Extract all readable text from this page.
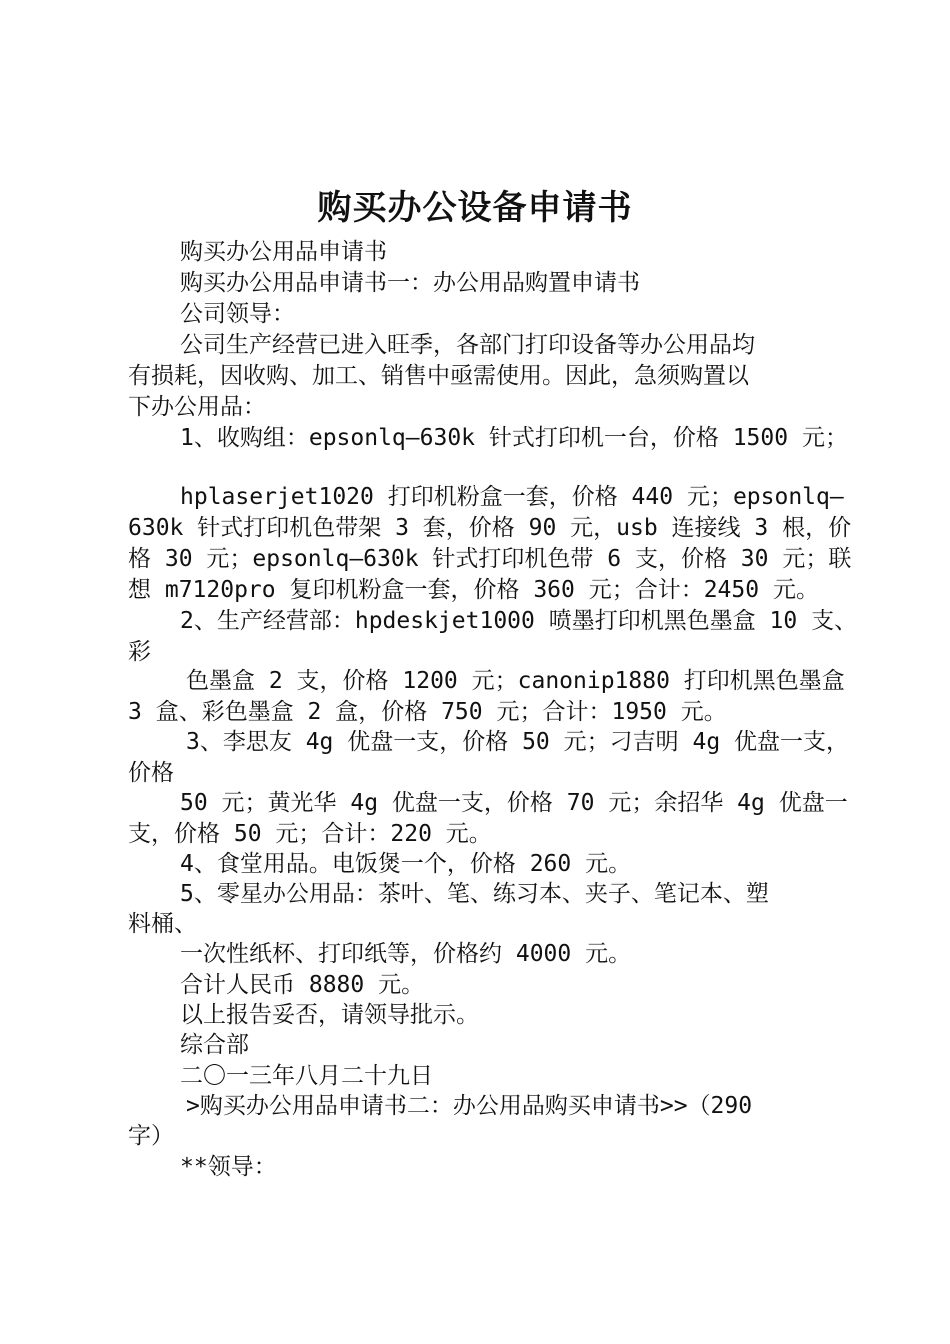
购买办公设备申请书
购买办公用品申请书
购买办公用品申请书一：办公用品购置申请书
公司领导：
公司生产经营已进入旺季，各部门打印设备等办公用品均
有损耗，因收购、加工、销售中亟需使用。因此，急须购置以
下办公用品：
1、收购组：epsonlq—630k 针式打印机一台，价格 1500 元；
hplaserjet1020 打印机粉盒一套，价格 440 元；epsonlq—
630k 针式打印机色带架 3 套，价格 90 元，usb 连接线 3 根，价
格 30 元；epsonlq—630k 针式打印机色带 6 支，价格 30 元；联
想 m7120pro 复印机粉盒一套，价格 360 元；合计：2450 元。
2、生产经营部：hpdeskjet1000 喷墨打印机黑色墨盒 10 支、
彩
色墨盒 2 支，价格 1200 元；canonip1880 打印机黑色墨盒
3 盒、彩色墨盒 2 盒，价格 750 元；合计：1950 元。
3、李思友 4g 优盘一支，价格 50 元；刁吉明 4g 优盘一支，
价格
50 元；黄光华 4g 优盘一支，价格 70 元；余招华 4g 优盘一
支，价格 50 元；合计：220 元。
4、食堂用品。电饭煲一个，价格 260 元。
5、零星办公用品：茶叶、笔、练习本、夹子、笔记本、塑
料桶、
一次性纸杯、打印纸等，价格约 4000 元。
合计人民币 8880 元。
以上报告妥否，请领导批示。
综合部
二〇一三年八月二十九日
>购买办公用品申请书二：办公用品购买申请书>>（290
字）
**领导：
